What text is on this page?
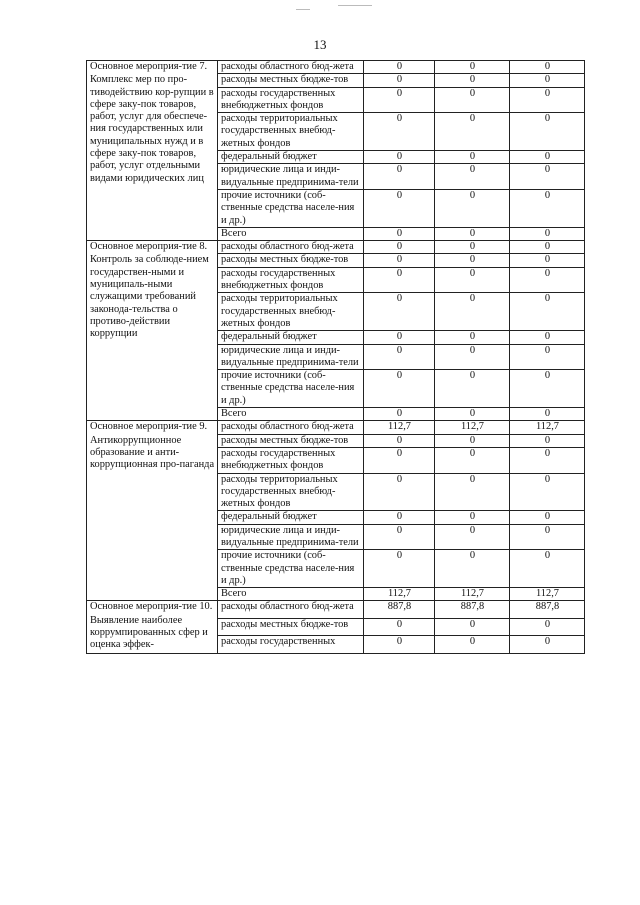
13
Основное мероприя-тие 7.
Комплекс мер по про-тиводействию кор-рупции в сфере заку-пок товаров, работ, услуг для обеспече-ния государственных или муниципальных нужд и в сфере заку-пок товаров, работ, услуг отдельными видами юридических лиц	расходы областного бюд-жета	0	0	0
	расходы местных бюдже-тов	0	0	0
	расходы государственных внебюджетных фондов	0	0	0
	расходы территориальных государственных внебюд-жетных фондов	0	0	0
	федеральный бюджет	0	0	0
	юридические лица и инди-видуальные предпринима-тели	0	0	0
	прочие источники (соб-ственные средства населе-ния и др.)	0	0	0
	Всего	0	0	0

Основное мероприя-тие 8.
Контроль за соблюде-нием государствен-ными и муниципаль-ными служащими требований законода-тельства о противо-действии коррупции	расходы областного бюд-жета	0	0	0
	расходы местных бюдже-тов	0	0	0
	расходы государственных внебюджетных фондов	0	0	0
	расходы территориальных государственных внебюд-жетных фондов	0	0	0
	федеральный бюджет	0	0	0
	юридические лица и инди-видуальные предпринима-тели	0	0	0
	прочие источники (соб-ственные средства населе-ния и др.)	0	0	0
	Всего	0	0	0

Основное мероприя-тие 9.
Антикоррупционное образование и анти-коррупционная про-паганда	расходы областного бюд-жета	112,7	112,7	112,7
	расходы местных бюдже-тов	0	0	0
	расходы государственных внебюджетных фондов	0	0	0
	расходы территориальных государственных внебюд-жетных фондов	0	0	0
	федеральный бюджет	0	0	0
	юридические лица и инди-видуальные предпринима-тели	0	0	0
	прочие источники (соб-ственные средства населе-ния и др.)	0	0	0
	Всего	112,7	112,7	112,7

Основное мероприя-тие 10.
Выявление наиболее коррумпированных сфер и оценка эффек-	расходы областного бюд-жета	887,8	887,8	887,8
	расходы местных бюдже-тов	0	0	0
	расходы государственных	0	0	0
